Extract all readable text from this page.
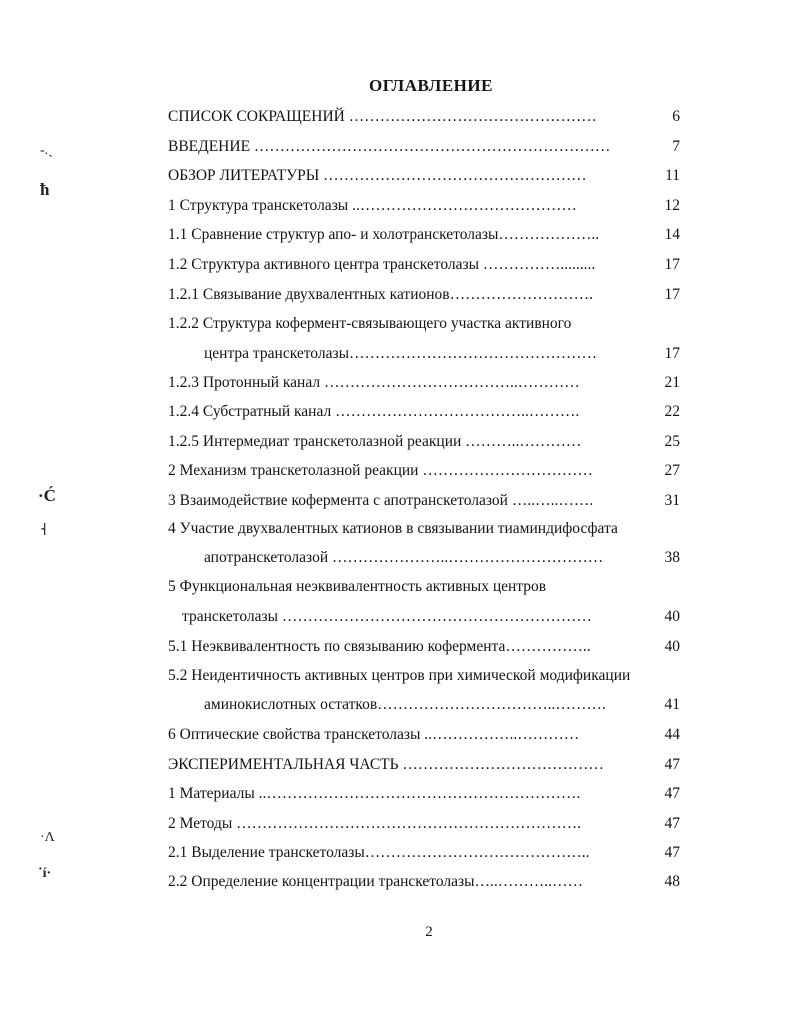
ОГЛАВЛЕНИЕ
СПИСОК СОКРАЩЕНИЙ …………………………………………	6
ВВЕДЕНИЕ ……………………………………………………………	7
ОБЗОР ЛИТЕРАТУРЫ ……………………………………………	11
1 Структура транскетолазы ..……………………………………	12
1.1 Сравнение структур апо- и холотранскетолазы………………..	14
1.2 Структура активного центра транскетолазы …………….........	17
1.2.1 Связывание двухвалентных катионов……………………….	17
1.2.2 Структура кофермент-связывающего участка активного
центра транскетолазы…………………………………………	17
1.2.3 Протонный канал ………………………………..…………	21
1.2.4 Субстратный канал ………………………………..……….	22
1.2.5 Интермедиат транскетолазной реакции ………..…………	25
2 Механизм транскетолазной реакции ……………………………	27
3 Взаимодействие кофермента с апотранскетолазой …..…..…….	31
4 Участие двухвалентных катионов в связывании тиаминдифосфата
апотранскетолазой …………………..…………………………	38
5 Функциональная неэквивалентность активных центров
транскетолазы ……………………………………………………	40
5.1 Неэквивалентность по связыванию кофермента……………..	40
5.2 Неидентичность активных центров при химической модификации
аминокислотных остатков……………………………..……….	41
6 Оптические свойства транскетолазы ..……………..…………	44
ЭКСПЕРИМЕНТАЛЬНАЯ ЧАСТЬ …………………………………	47
1 Материалы ..…………………………………………………….	47
2 Методы ………………………………………………………….	47
2.1 Выделение транскетолазы……………………………………..	47
2.2 Определение концентрации транскетолазы…..………..……	48
-.ˎ
ħ
·Ć
˧
·Ʌ
˙í·
2
